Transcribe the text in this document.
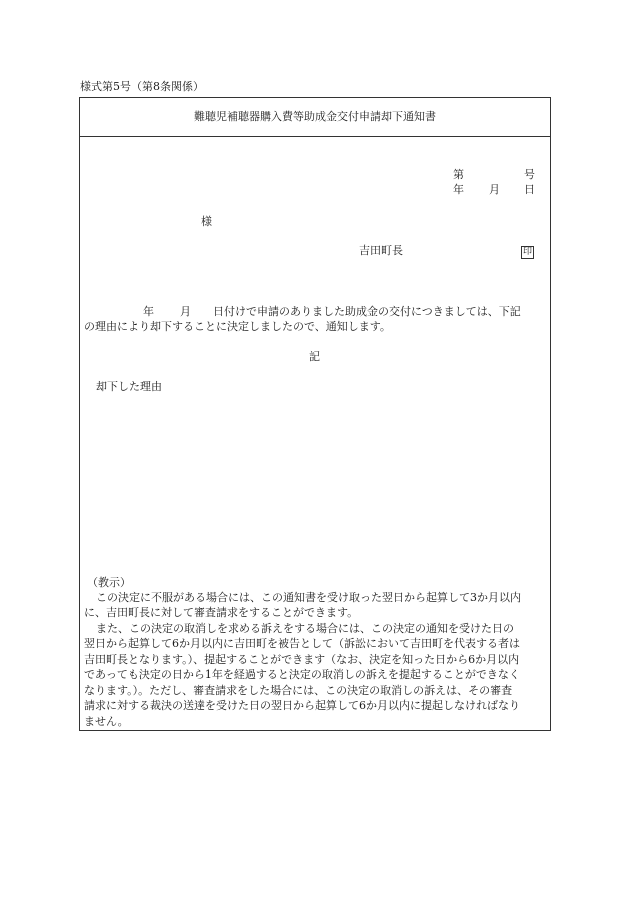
様式第5号（第8条関係）
難聴児補聴器購入費等助成金交付申請却下通知書
第	号
年 月 日
様
吉田町長	印
年 月 日付けで申請のありました助成金の交付につきましては、下記
の理由により却下することに決定しましたので、通知します。
記
却下した理由
（教示）
この決定に不服がある場合には、この通知書を受け取った翌日から起算して3か月以内
に、吉田町長に対して審査請求をすることができます。
また、この決定の取消しを求める訴えをする場合には、この決定の通知を受けた日の
翌日から起算して6か月以内に吉田町を被告として（訴訟において吉田町を代表する者は
吉田町長となります。）、提起することができます（なお、決定を知った日から6か月以内
であっても決定の日から1年を経過すると決定の取消しの訴えを提起することができなく
なります。）。ただし、審査請求をした場合には、この決定の取消しの訴えは、その審査
請求に対する裁決の送達を受けた日の翌日から起算して6か月以内に提起しなければなり
ません。
